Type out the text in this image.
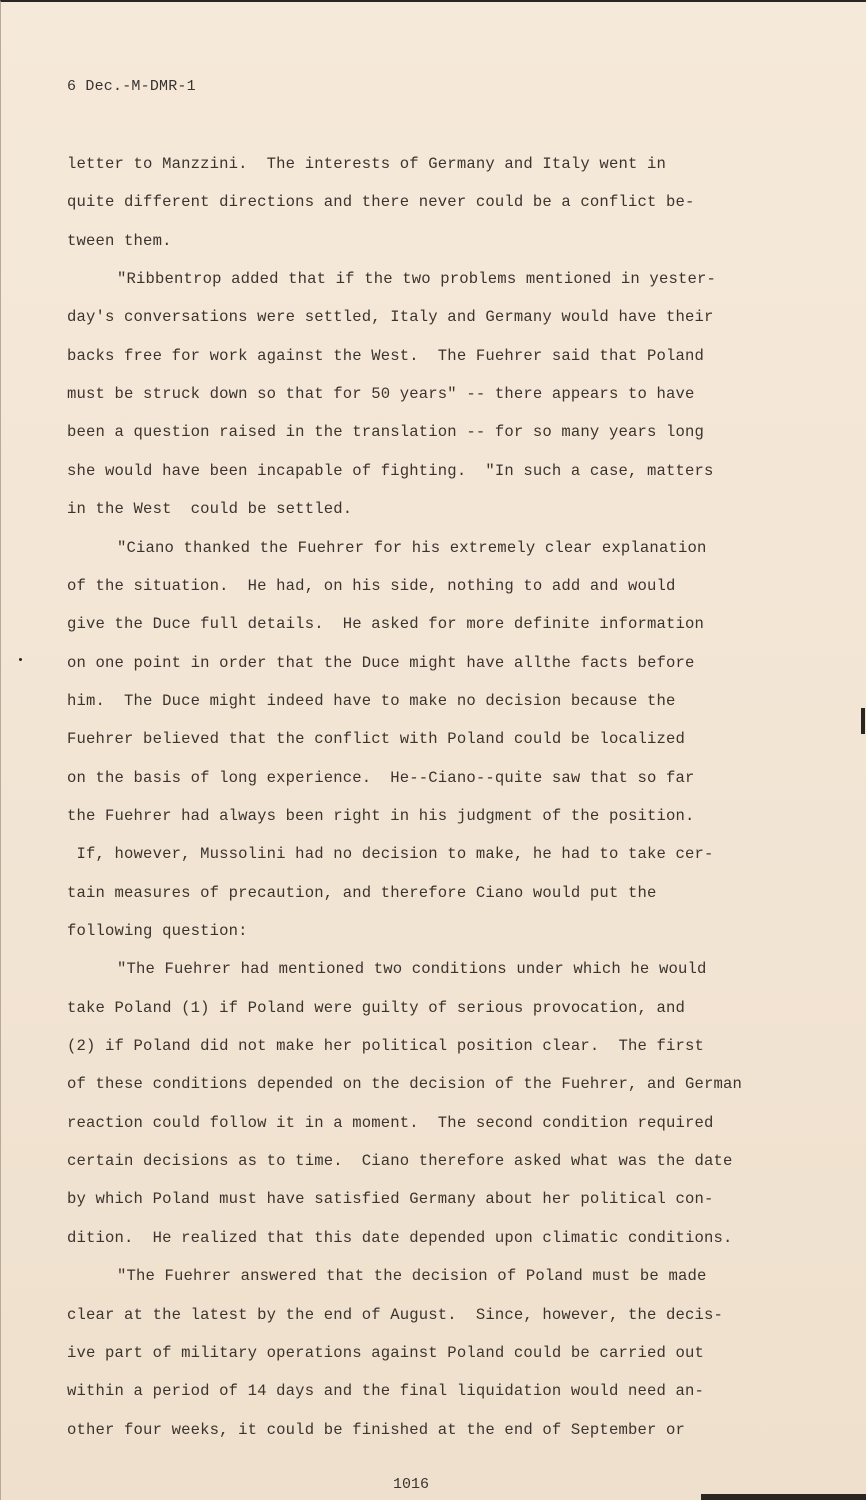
6 Dec.-M-DMR-1
letter to Manzzini.  The interests of Germany and Italy went in
quite different directions and there never could be a conflict be-
tween them.
"Ribbentrop added that if the two problems mentioned in yester-
day's conversations were settled, Italy and Germany would have their
backs free for work against the West.  The Fuehrer said that Poland
must be struck down so that for 50 years" -- there appears to have
been a question raised in the translation -- for so many years long
she would have been incapable of fighting.  "In such a case, matters
in the West  could be settled.
"Ciano thanked the Fuehrer for his extremely clear explanation
of the situation.  He had, on his side, nothing to add and would
give the Duce full details.  He asked for more definite information
on one point in order that the Duce might have allthe facts before
him.  The Duce might indeed have to make no decision because the
Fuehrer believed that the conflict with Poland could be localized
on the basis of long experience.  He--Ciano--quite saw that so far
the Fuehrer had always been right in his judgment of the position.
If, however, Mussolini had no decision to make, he had to take cer-
tain measures of precaution, and therefore Ciano would put the
following question:
"The Fuehrer had mentioned two conditions under which he would
take Poland (1) if Poland were guilty of serious provocation, and
(2) if Poland did not make her political position clear.  The first
of these conditions depended on the decision of the Fuehrer, and German
reaction could follow it in a moment.  The second condition required
certain decisions as to time.  Ciano therefore asked what was the date
by which Poland must have satisfied Germany about her political con-
dition.  He realized that this date depended upon climatic conditions.
"The Fuehrer answered that the decision of Poland must be made
clear at the latest by the end of August.  Since, however, the decis-
ive part of military operations against Poland could be carried out
within a period of 14 days and the final liquidation would need an-
other four weeks, it could be finished at the end of September or
1016
